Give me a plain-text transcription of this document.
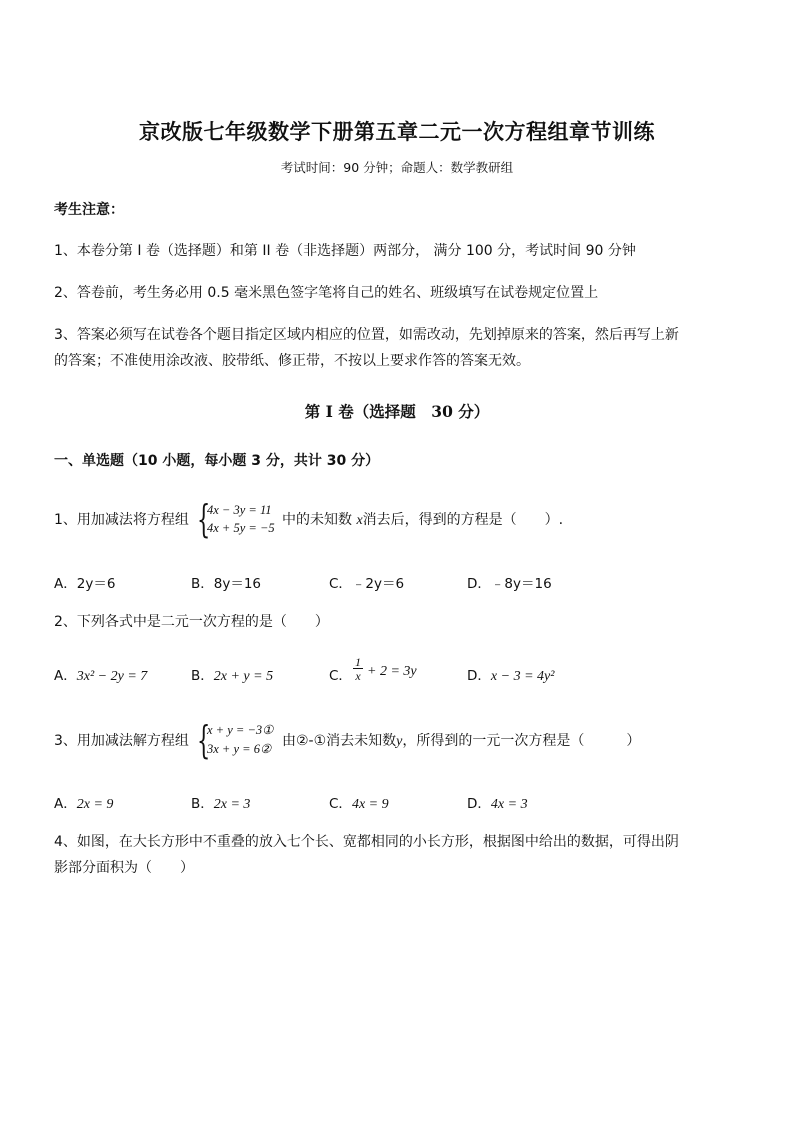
京改版七年级数学下册第五章二元一次方程组章节训练
考试时间：90 分钟；命题人：数学教研组
考生注意：
1、本卷分第 I 卷（选择题）和第 II 卷（非选择题）两部分， 满分 100 分，考试时间 90 分钟
2、答卷前，考生务必用 0.5 毫米黑色签字笔将自己的姓名、班级填写在试卷规定位置上
3、答案必须写在试卷各个题目指定区域内相应的位置，如需改动，先划掉原来的答案，然后再写上新
的答案；不准使用涂改液、胶带纸、修正带，不按以上要求作答的答案无效。
第 I 卷（选择题　30 分）
一、单选题（10 小题，每小题 3 分，共计 30 分）
1、用加减法将方程组 {
4x − 3y = 11
4x + 5y = −5 中的未知数 x消去后，得到的方程是（　　）.
A．2y＝6	B．8y＝16	C．﹣2y＝6	D．﹣8y＝16
2、下列各式中是二元一次方程的是（　　）
A．3x² − 2y = 7	B．2x + y = 5	C． $\frac{1}{x} + 2 = 3y$	D．x − 3 = 4y²
3、用加减法解方程组 {
x + y = −3①
3x + y = 6② 由②-①消去未知数y，所得到的一元一次方程是（　　　）
A．2x = 9	B．2x = 3	C．4x = 9	D．4x = 3
4、如图，在大长方形中不重叠的放入七个长、宽都相同的小长方形，根据图中给出的数据，可得出阴
影部分面积为（　　）
